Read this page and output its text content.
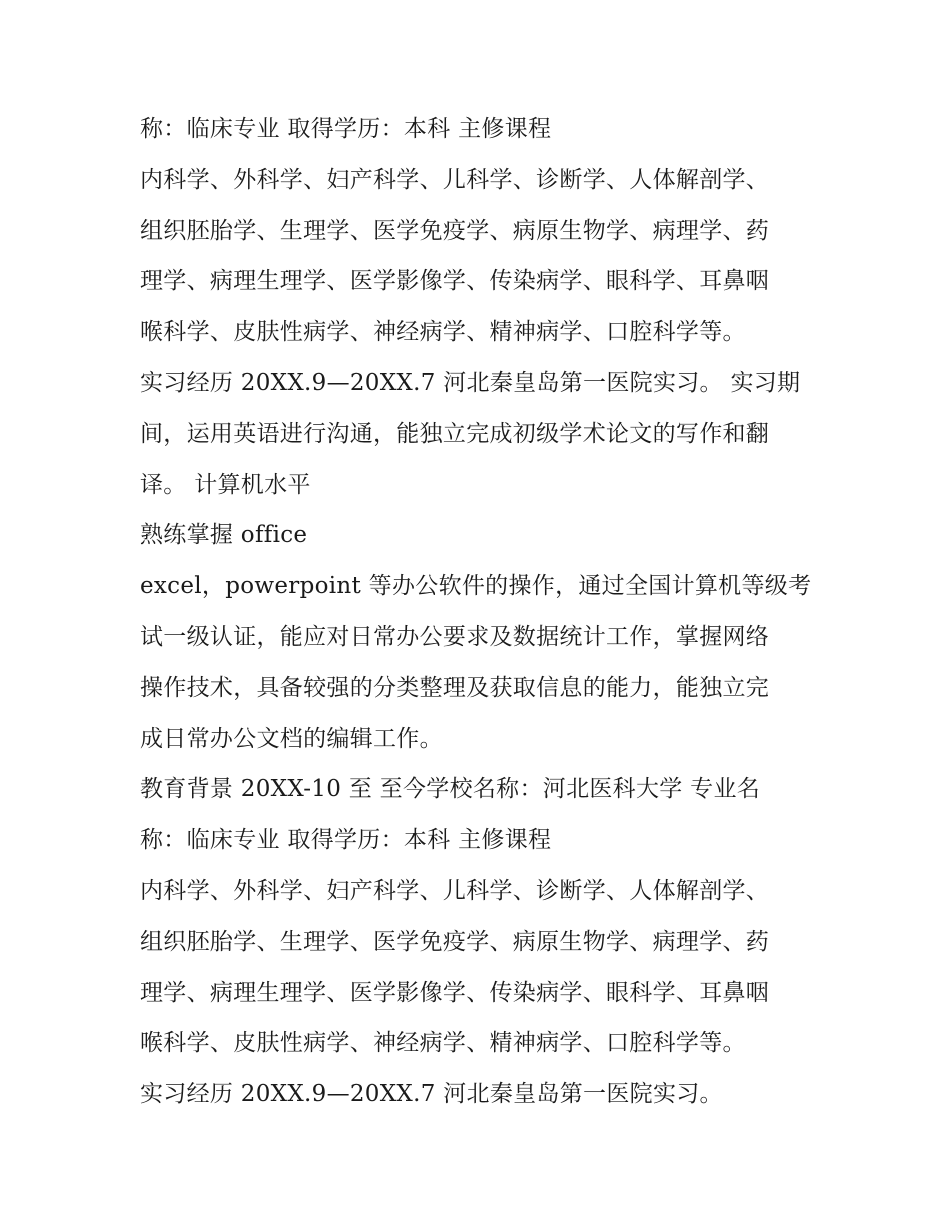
称：临床专业 取得学历：本科 主修课程
内科学、外科学、妇产科学、儿科学、诊断学、人体解剖学、
组织胚胎学、生理学、医学免疫学、病原生物学、病理学、药
理学、病理生理学、医学影像学、传染病学、眼科学、耳鼻咽
喉科学、皮肤性病学、神经病学、精神病学、口腔科学等。
实习经历 20XX.9—20XX.7 河北秦皇岛第一医院实习。 实习期
间，运用英语进行沟通，能独立完成初级学术论文的写作和翻
译。 计算机水平
熟练掌握 office
excel，powerpoint 等办公软件的操作，通过全国计算机等级考
试一级认证，能应对日常办公要求及数据统计工作，掌握网络
操作技术，具备较强的分类整理及获取信息的能力，能独立完
成日常办公文档的编辑工作。
教育背景 20XX-10 至 至今学校名称：河北医科大学 专业名
称：临床专业 取得学历：本科 主修课程
内科学、外科学、妇产科学、儿科学、诊断学、人体解剖学、
组织胚胎学、生理学、医学免疫学、病原生物学、病理学、药
理学、病理生理学、医学影像学、传染病学、眼科学、耳鼻咽
喉科学、皮肤性病学、神经病学、精神病学、口腔科学等。
实习经历 20XX.9—20XX.7 河北秦皇岛第一医院实习。
